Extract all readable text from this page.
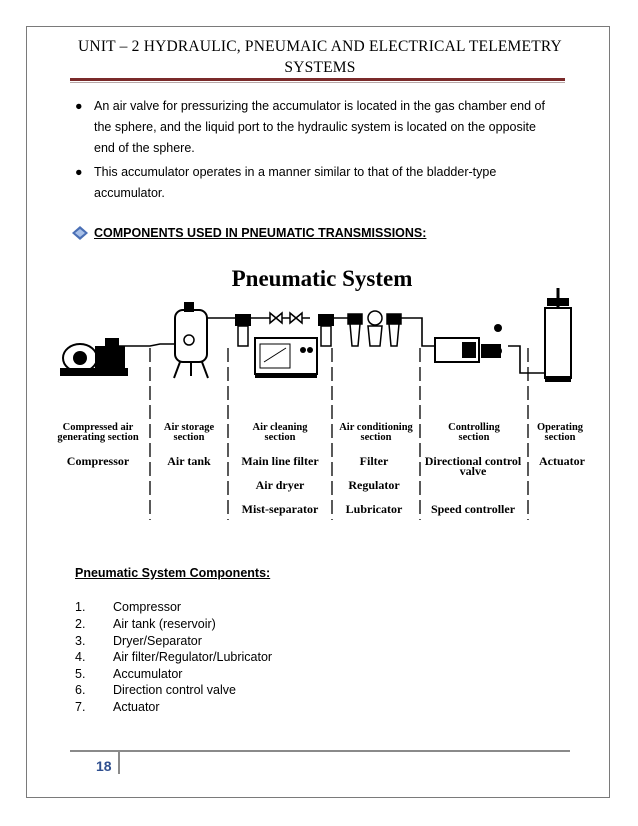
UNIT – 2 HYDRAULIC, PNEUMAIC AND ELECTRICAL TELEMETRY
SYSTEMS
● An air valve for pressurizing the accumulator is located in the gas chamber end of
the sphere, and the liquid port to the hydraulic system is located on the opposite
end of the sphere.
● This accumulator operates in a manner similar to that of the bladder-type
accumulator.
COMPONENTS USED IN PNEUMATIC TRANSMISSIONS:
Pneumatic System
Compressed air
generating section
Air storage
section
Air cleaning
section
Air conditioning
section
Controlling
section
Operating
section
Compressor	Air tank	Main line filter
Air dryer
Mist-separator
Filter
Regulator
Lubricator
Directional control
valve
Speed controller
Actuator
Pneumatic System Components:
1. Compressor
2. Air tank (reservoir)
3. Dryer/Separator
4. Air filter/Regulator/Lubricator
5. Accumulator
6. Direction control valve
7. Actuator
18
